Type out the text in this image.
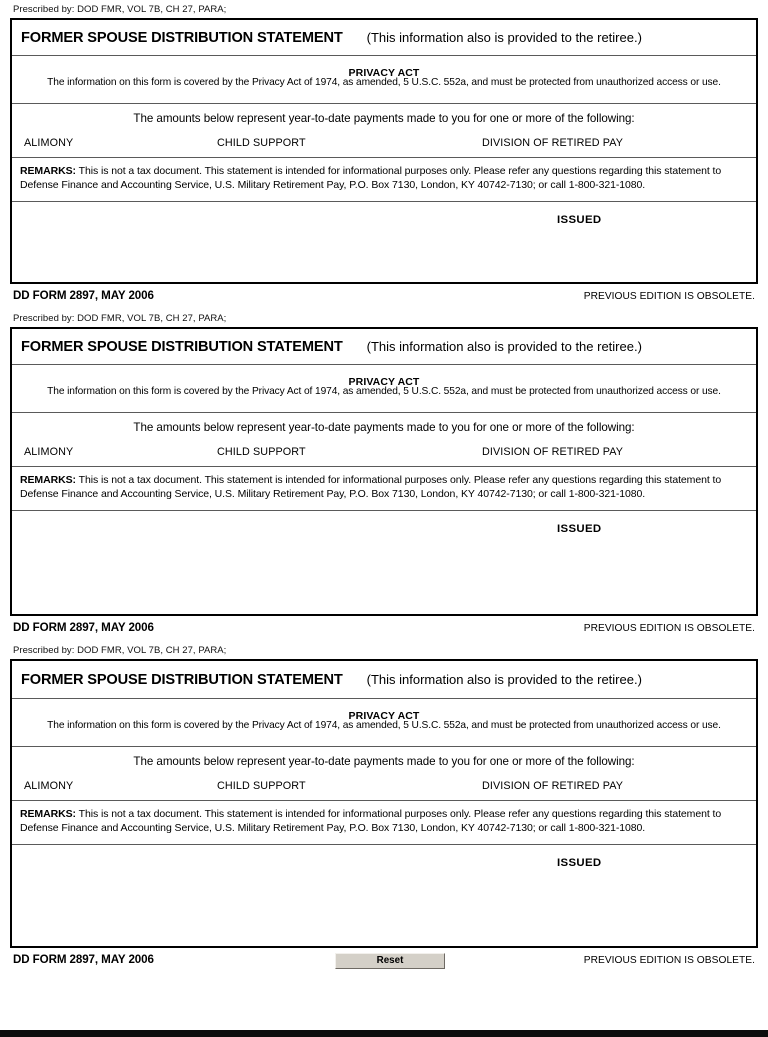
Prescribed by: DOD FMR, VOL 7B, CH 27, PARA;
FORMER SPOUSE DISTRIBUTION STATEMENT (This information also is provided to the retiree.)
PRIVACY ACT
The information on this form is covered by the Privacy Act of 1974, as amended, 5 U.S.C. 552a, and must be protected from unauthorized access or use.
The amounts below represent year-to-date payments made to you for one or more of the following:
ALIMONY	CHILD SUPPORT	DIVISION OF RETIRED PAY
REMARKS: This is not a tax document. This statement is intended for informational purposes only. Please refer any questions regarding this statement to Defense Finance and Accounting Service, U.S. Military Retirement Pay, P.O. Box 7130, London, KY 40742-7130; or call 1-800-321-1080.
ISSUED
DD FORM 2897, MAY 2006	PREVIOUS EDITION IS OBSOLETE.
Prescribed by: DOD FMR, VOL 7B, CH 27, PARA;
FORMER SPOUSE DISTRIBUTION STATEMENT (This information also is provided to the retiree.)
PRIVACY ACT
The information on this form is covered by the Privacy Act of 1974, as amended, 5 U.S.C. 552a, and must be protected from unauthorized access or use.
The amounts below represent year-to-date payments made to you for one or more of the following:
ALIMONY	CHILD SUPPORT	DIVISION OF RETIRED PAY
REMARKS: This is not a tax document. This statement is intended for informational purposes only. Please refer any questions regarding this statement to Defense Finance and Accounting Service, U.S. Military Retirement Pay, P.O. Box 7130, London, KY 40742-7130; or call 1-800-321-1080.
ISSUED
DD FORM 2897, MAY 2006	PREVIOUS EDITION IS OBSOLETE.
Prescribed by: DOD FMR, VOL 7B, CH 27, PARA;
FORMER SPOUSE DISTRIBUTION STATEMENT (This information also is provided to the retiree.)
PRIVACY ACT
The information on this form is covered by the Privacy Act of 1974, as amended, 5 U.S.C. 552a, and must be protected from unauthorized access or use.
The amounts below represent year-to-date payments made to you for one or more of the following:
ALIMONY	CHILD SUPPORT	DIVISION OF RETIRED PAY
REMARKS: This is not a tax document. This statement is intended for informational purposes only. Please refer any questions regarding this statement to Defense Finance and Accounting Service, U.S. Military Retirement Pay, P.O. Box 7130, London, KY 40742-7130; or call 1-800-321-1080.
ISSUED
DD FORM 2897, MAY 2006	Reset	PREVIOUS EDITION IS OBSOLETE.
